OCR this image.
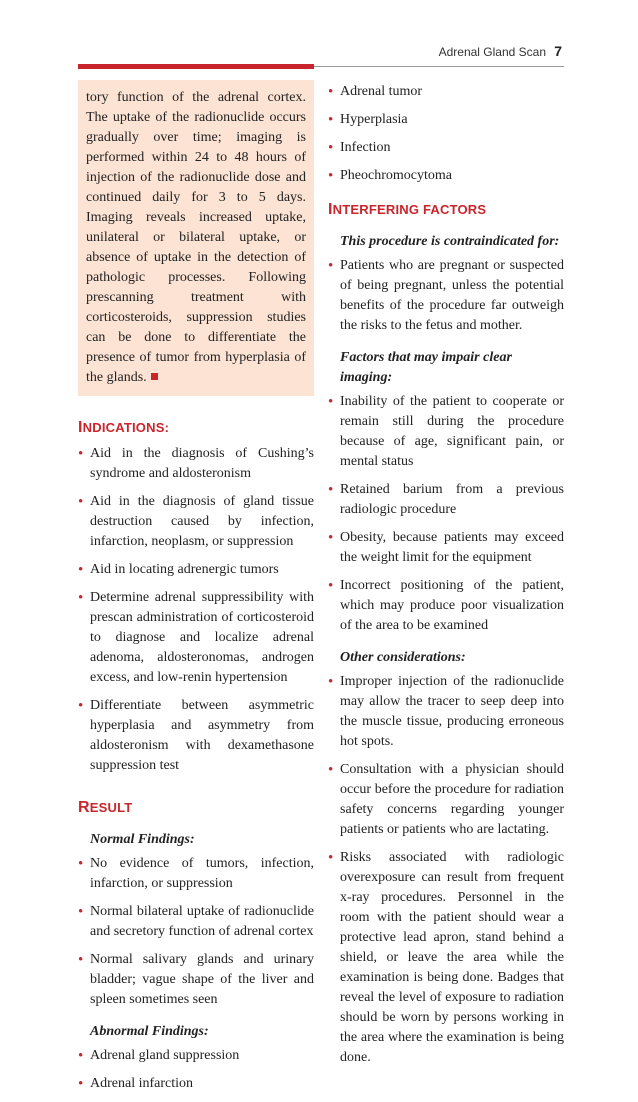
Adrenal Gland Scan 7
tory function of the adrenal cortex. The uptake of the radionuclide occurs gradually over time; imaging is performed within 24 to 48 hours of injection of the radionuclide dose and continued daily for 3 to 5 days. Imaging reveals increased uptake, unilateral or bilateral uptake, or absence of uptake in the detection of pathologic processes. Following prescanning treatment with corticosteroids, suppression studies can be done to differentiate the presence of tumor from hyperplasia of the glands.
INDICATIONS:
• Aid in the diagnosis of Cushing’s syndrome and aldosteronism
• Aid in the diagnosis of gland tissue destruction caused by infection, infarction, neoplasm, or suppression
• Aid in locating adrenergic tumors
• Determine adrenal suppressibility with prescan administration of corticosteroid to diagnose and localize adrenal adenoma, aldosteronomas, androgen excess, and low-renin hypertension
• Differentiate between asymmetric hyperplasia and asymmetry from aldosteronism with dexamethasone suppression test
RESULT
Normal Findings:
• No evidence of tumors, infection, infarction, or suppression
• Normal bilateral uptake of radionuclide and secretory function of adrenal cortex
• Normal salivary glands and urinary bladder; vague shape of the liver and spleen sometimes seen
Abnormal Findings:
• Adrenal gland suppression
• Adrenal infarction
• Adrenal tumor
• Hyperplasia
• Infection
• Pheochromocytoma
INTERFERING FACTORS
This procedure is contraindicated for:
• Patients who are pregnant or suspected of being pregnant, unless the potential benefits of the procedure far outweigh the risks to the fetus and mother.
Factors that may impair clear imaging:
• Inability of the patient to cooperate or remain still during the procedure because of age, significant pain, or mental status
• Retained barium from a previous radiologic procedure
• Obesity, because patients may exceed the weight limit for the equipment
• Incorrect positioning of the patient, which may produce poor visualization of the area to be examined
Other considerations:
• Improper injection of the radionuclide may allow the tracer to seep deep into the muscle tissue, producing erroneous hot spots.
• Consultation with a physician should occur before the procedure for radiation safety concerns regarding younger patients or patients who are lactating.
• Risks associated with radiologic overexposure can result from frequent x-ray procedures. Personnel in the room with the patient should wear a protective lead apron, stand behind a shield, or leave the area while the examination is being done. Badges that reveal the level of exposure to radiation should be worn by persons working in the area where the examination is being done.
